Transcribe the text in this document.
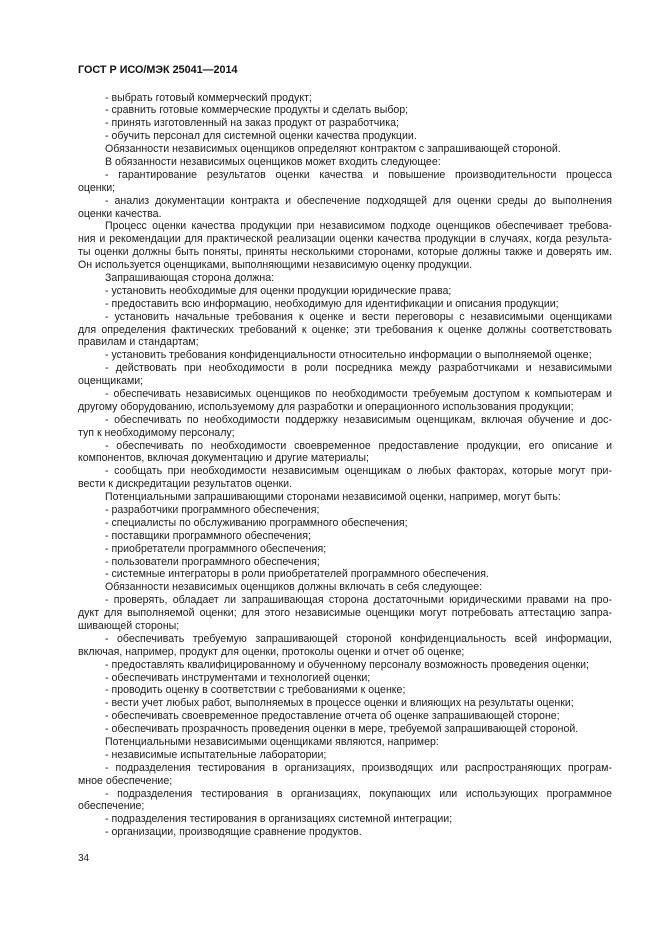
ГОСТ Р ИСО/МЭК 25041—2014
- выбрать готовый коммерческий продукт;
- сравнить готовые коммерческие продукты и сделать выбор;
- принять изготовленный на заказ продукт от разработчика;
- обучить персонал для системной оценки качества продукции.
Обязанности независимых оценщиков определяют контрактом с запрашивающей стороной.
В обязанности независимых оценщиков может входить следующее:
- гарантирование результатов оценки качества и повышение производительности процесса
оценки;
- анализ документации контракта и обеспечение подходящей для оценки среды до выполнения
оценки качества.
Процесс оценки качества продукции при независимом подходе оценщиков обеспечивает требова-
ния и рекомендации для практической реализации оценки качества продукции в случаях, когда результа-
ты оценки должны быть поняты, приняты несколькими сторонами, которые должны также и доверять им.
Он используется оценщиками, выполняющими независимую оценку продукции.
Запрашивающая сторона должна:
- установить необходимые для оценки продукции юридические права;
- предоставить всю информацию, необходимую для идентификации и описания продукции;
- установить начальные требования к оценке и вести переговоры с независимыми оценщиками
для определения фактических требований к оценке; эти требования к оценке должны соответствовать
правилам и стандартам;
- установить требования конфиденциальности относительно информации о выполняемой оценке;
- действовать при необходимости в роли посредника между разработчиками и независимыми
оценщиками;
- обеспечивать независимых оценщиков по необходимости требуемым доступом к компьютерам и
другому оборудованию, используемому для разработки и операционного использования продукции;
- обеспечивать по необходимости поддержку независимым оценщикам, включая обучение и дос-
туп к необходимому персоналу;
- обеспечивать по необходимости своевременное предоставление продукции, его описание и
компонентов, включая документацию и другие материалы;
- сообщать при необходимости независимым оценщикам о любых факторах, которые могут при-
вести к дискредитации результатов оценки.
Потенциальными запрашивающими сторонами независимой оценки, например, могут быть:
- разработчики программного обеспечения;
- специалисты по обслуживанию программного обеспечения;
- поставщики программного обеспечения;
- приобретатели программного обеспечения;
- пользователи программного обеспечения;
- системные интеграторы в роли приобретателей программного обеспечения.
Обязанности независимых оценщиков должны включать в себя следующее:
- проверять, обладает ли запрашивающая сторона достаточными юридическими правами на про-
дукт для выполняемой оценки; для этого независимые оценщики могут потребовать аттестацию запра-
шивающей стороны;
- обеспечивать требуемую запрашивающей стороной конфиденциальность всей информации,
включая, например, продукт для оценки, протоколы оценки и отчет об оценке;
- предоставлять квалифицированному и обученному персоналу возможность проведения оценки;
- обеспечивать инструментами и технологией оценки;
- проводить оценку в соответствии с требованиями к оценке;
- вести учет любых работ, выполняемых в процессе оценки и влияющих на результаты оценки;
- обеспечивать своевременное предоставление отчета об оценке запрашивающей стороне;
- обеспечивать прозрачность проведения оценки в мере, требуемой запрашивающей стороной.
Потенциальными независимыми оценщиками являются, например:
- независимые испытательные лаборатории;
- подразделения тестирования в организациях, производящих или распространяющих програм-
мное обеспечение;
- подразделения тестирования в организациях, покупающих или использующих программное
обеспечение;
- подразделения тестирования в организациях системной интеграции;
- организации, производящие сравнение продуктов.
34
